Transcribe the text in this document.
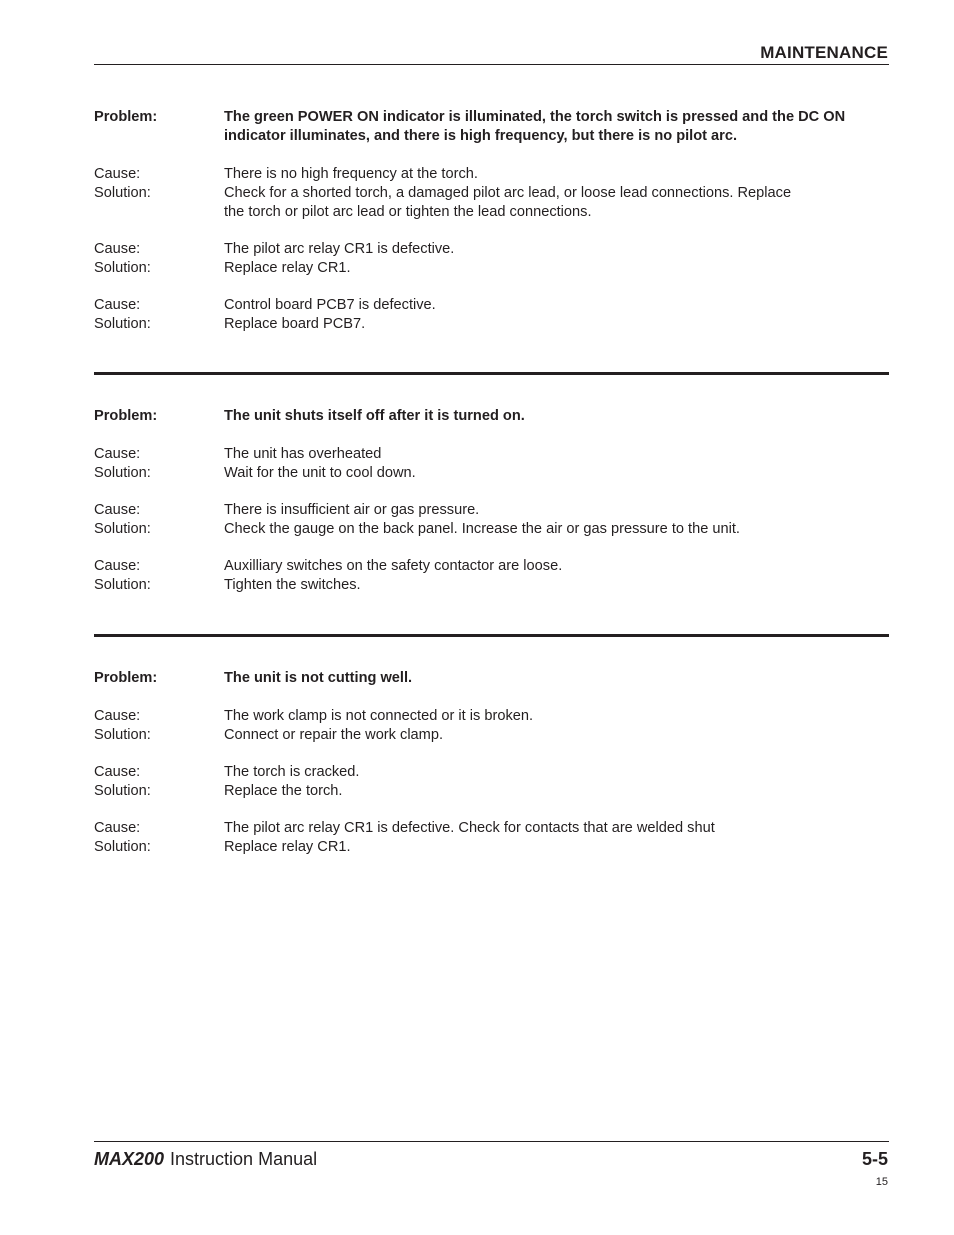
MAINTENANCE
Problem:	The green POWER ON indicator is illuminated, the torch switch is pressed and the DC ON indicator illuminates, and there is high frequency, but there is no pilot arc.
Cause:	There is no high frequency at the torch.
Solution:	Check for a shorted torch, a damaged pilot arc lead, or loose lead connections. Replace the torch or pilot arc lead or tighten the lead connections.
Cause:	The pilot arc relay CR1 is defective.
Solution:	Replace relay CR1.
Cause:	Control board PCB7 is defective.
Solution:	Replace board PCB7.
Problem:	The unit shuts itself off after it is turned on.
Cause:	The unit has overheated
Solution:	Wait for the unit to cool down.
Cause:	There is insufficient air or gas pressure.
Solution:	Check the gauge on the back panel. Increase the air or gas pressure to the unit.
Cause:	Auxilliary switches on the safety contactor are loose.
Solution:	Tighten the switches.
Problem:	The unit is not cutting well.
Cause:	The work clamp is not connected or it is broken.
Solution:	Connect or repair the work clamp.
Cause:	The torch is cracked.
Solution:	Replace the torch.
Cause:	The pilot arc relay CR1 is defective. Check for contacts that are welded shut
Solution:	Replace relay CR1.
MAX200 Instruction Manual	5-5
15
